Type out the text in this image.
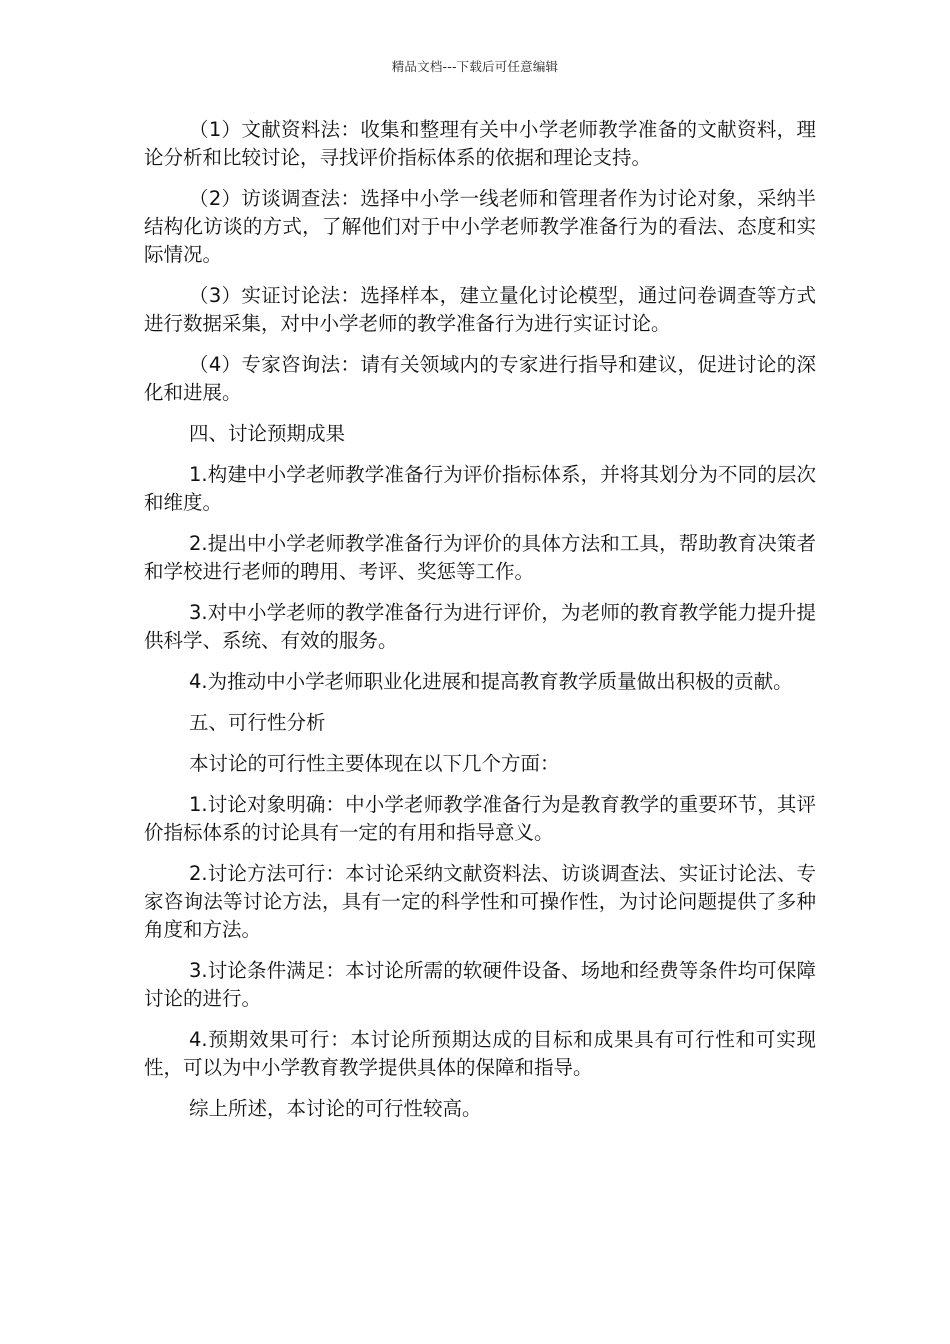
精品文档---下载后可任意编辑

（1）文献资料法：收集和整理有关中小学老师教学准备的文献资料，理论分析和比较讨论，寻找评价指标体系的依据和理论支持。

（2）访谈调查法：选择中小学一线老师和管理者作为讨论对象，采纳半结构化访谈的方式，了解他们对于中小学老师教学准备行为的看法、态度和实际情况。

（3）实证讨论法：选择样本，建立量化讨论模型，通过问卷调查等方式进行数据采集，对中小学老师的教学准备行为进行实证讨论。

（4）专家咨询法：请有关领域内的专家进行指导和建议，促进讨论的深化和进展。

四、讨论预期成果

1.构建中小学老师教学准备行为评价指标体系，并将其划分为不同的层次和维度。

2.提出中小学老师教学准备行为评价的具体方法和工具，帮助教育决策者和学校进行老师的聘用、考评、奖惩等工作。

3.对中小学老师的教学准备行为进行评价，为老师的教育教学能力提升提供科学、系统、有效的服务。

4.为推动中小学老师职业化进展和提高教育教学质量做出积极的贡献。

五、可行性分析

本讨论的可行性主要体现在以下几个方面：

1.讨论对象明确：中小学老师教学准备行为是教育教学的重要环节，其评价指标体系的讨论具有一定的有用和指导意义。

2.讨论方法可行：本讨论采纳文献资料法、访谈调查法、实证讨论法、专家咨询法等讨论方法，具有一定的科学性和可操作性，为讨论问题提供了多种角度和方法。

3.讨论条件满足：本讨论所需的软硬件设备、场地和经费等条件均可保障讨论的进行。

4.预期效果可行：本讨论所预期达成的目标和成果具有可行性和可实现性，可以为中小学教育教学提供具体的保障和指导。

综上所述，本讨论的可行性较高。
